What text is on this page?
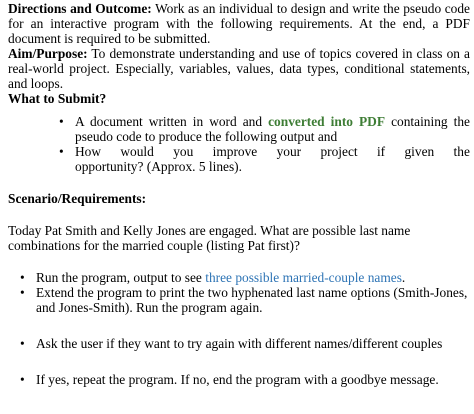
Directions and Outcome: Work as an individual to design and write the pseudo code for an interactive program with the following requirements. At the end, a PDF document is required to be submitted.

Aim/Purpose: To demonstrate understanding and use of topics covered in class on a real-world project. Especially, variables, values, data types, conditional statements, and loops.

What to Submit?

• A document written in word and converted into PDF containing the pseudo code to produce the following output and

• How would you improve your project if given the

opportunity? (Approx. 5 lines).

Scenario/Requirements:

Today Pat Smith and Kelly Jones are engaged. What are possible last name combinations for the married couple (listing Pat first)?

• Run the program, output to see three possible married-couple names.

• Extend the program to print the two hyphenated last name options (Smith-Jones, and Jones-Smith). Run the program again.

• Ask the user if they want to try again with different names/different couples

• If yes, repeat the program. If no, end the program with a goodbye message.
